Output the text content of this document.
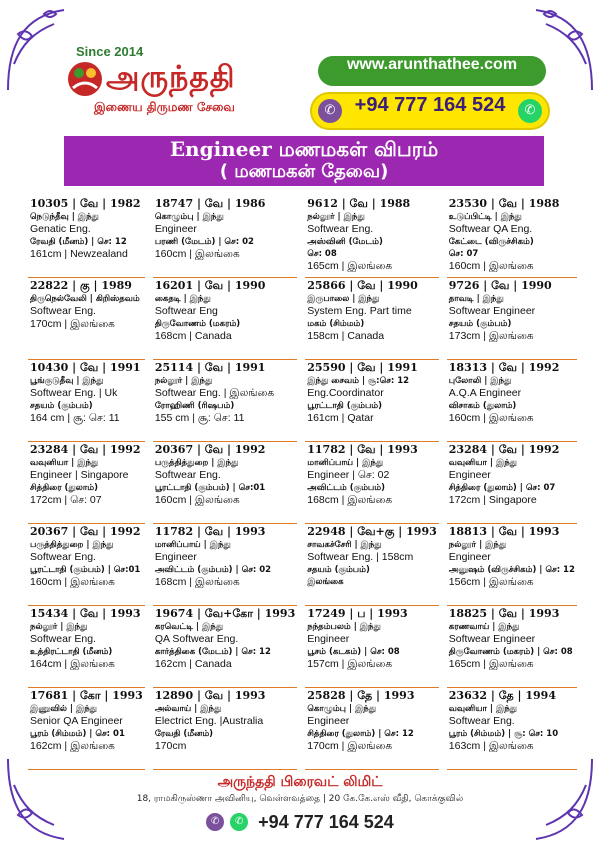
Since 2014
அருந்ததி
இணைய திருமண சேவை
www.arunthathee.com
✆ +94 777 164 524	✆
Engineer மணமகள் விபரம்
( மணமகன் தேவை)
10305 | வே | 1982
நெடுந்தீவு | இந்து
Genatic Eng.
ரேவதி (மீனம்) | செ: 12
161cm | Newzealand
18747 | வே | 1986
கொழும்பு | இந்து
Engineer
பரணி (மேடம்) | செ: 02
160cm | இலங்கை
9612 | வே | 1988
நல்லூர் | இந்து
Softwear Eng.
அஸ்வினி (மேடம்)
செ: 08
165cm | இலங்கை
23530 | வே | 1988
உடுப்பிட்டி | இந்து
Softwear QA Eng.
கேட்டை (விருச்சிகம்)
செ: 07
160cm | இலங்கை
22822 | கு | 1989
திருநெல்வேலி | கிறிஸ்தவம்
Softwear Eng.
170cm | இலங்கை
16201 | வே | 1990
கைதடி | இந்து
Softwear Eng
திருவோணம் (மகரம்)
168cm | Canada
25866 | வே | 1990
இருபாலை | இந்து
System Eng. Part time
மகம் (சிம்மம்)
158cm | Canada
9726 | வே | 1990
தாவடி | இந்து
Softwear Engineer
சதயம் (கும்பம்)
173cm | இலங்கை
10430 | வே | 1991
பூங்குடுதீவு | இந்து
Softwear Eng. | Uk
சதயம் (கும்பம்)
164 cm | சூ: செ: 11
25114 | வே | 1991
நல்லூர் | இந்து
Softwear Eng. | இலங்கை
ரோஹிணி (ரிஷபம்)
155 cm | சூ: செ: 11
25590 | வே | 1991
இந்து சைவம் | சூ:செ: 12
Eng.Coordinator
பூரட்டாதி (கும்பம்)
161cm | Qatar
18313 | வே | 1992
புலோலி | இந்து
A.Q.A Engineer
விசாகம் (துலாம்)
160cm | இலங்கை
23284 | வே | 1992
வவுனியா | இந்து
Engineer | Singapore
சித்திரை (துலாம்)
172cm | செ: 07
20367 | வே | 1992
பருத்தித்துறை | இந்து
Softwear Eng.
பூரட்டாதி (கும்பம்) | செ:01
160cm | இலங்கை
11782 | வே | 1993
மானிப்பாய் | இந்து
Engineer | செ: 02
அவிட்டம் (கும்பம்)
168cm | இலங்கை
23284 | வே | 1992
வவுனியா | இந்து
Engineer
சித்திரை (துலாம்) | செ: 07
172cm | Singapore
20367 | வே | 1992
பருத்தித்துறை | இந்து
Softwear Eng.
பூரட்டாதி (கும்பம்) | செ:01
160cm | இலங்கை
11782 | வே | 1993
மானிப்பாய் | இந்து
Engineer
அவிட்டம் (கும்பம்) | செ: 02
168cm | இலங்கை
22948 | வே+கு | 1993
சாவகச்சேரி | இந்து
Softwear Eng. | 158cm
சதயம் (கும்பம்)
இலங்கை
18813 | வே | 1993
நல்லூர் | இந்து
Engineer
அனுஷம் (விருச்சிகம்) | செ: 12
156cm | இலங்கை
15434 | வே | 1993
நல்லூர் | இந்து
Softwear Eng.
உத்திரட்டாதி (மீனம்)
164cm | இலங்கை
19674 | வே+கோ | 1993
கரவெட்டி | இந்து
QA Softwear Eng.
கார்த்திகை (மேடம்) | செ: 12
162cm | Canada
17249 | ப | 1993
நந்தம்பலம் | இந்து
Engineer
பூசம் (கடகம்) | செ: 08
157cm | இலங்கை
18825 | வே | 1993
கரணவாய் | இந்து
Softwear Engineer
திருவோணம் (மகரம்) | செ: 08
165cm | இலங்கை
17681 | கோ | 1993
இணுவில் | இந்து
Senior QA Engineer
பூரம் (சிம்மம்) | செ: 01
162cm | இலங்கை
12890 | வே | 1993
அல்வாய் | இந்து
Electrict Eng. |Australia
ரேவதி (மீனம்)
170cm
25828 | தே | 1993
கொழும்பு | இந்து
Engineer
சித்திரை (துலாம்) | செ: 12
170cm | இலங்கை
23632 | தே | 1994
வவுனியா | இந்து
Softwear Eng.
பூரம் (சிம்மம்) | சூ: செ: 10
163cm | இலங்கை
அருந்ததி பிரைவட் லிமிட்
18, ராமகிருஸ்ணா அவினியு, வெள்ளவத்தை | 20 கே.கே.எஸ் வீதி, கொக்குவில்
✆	✆ +94 777 164 524
